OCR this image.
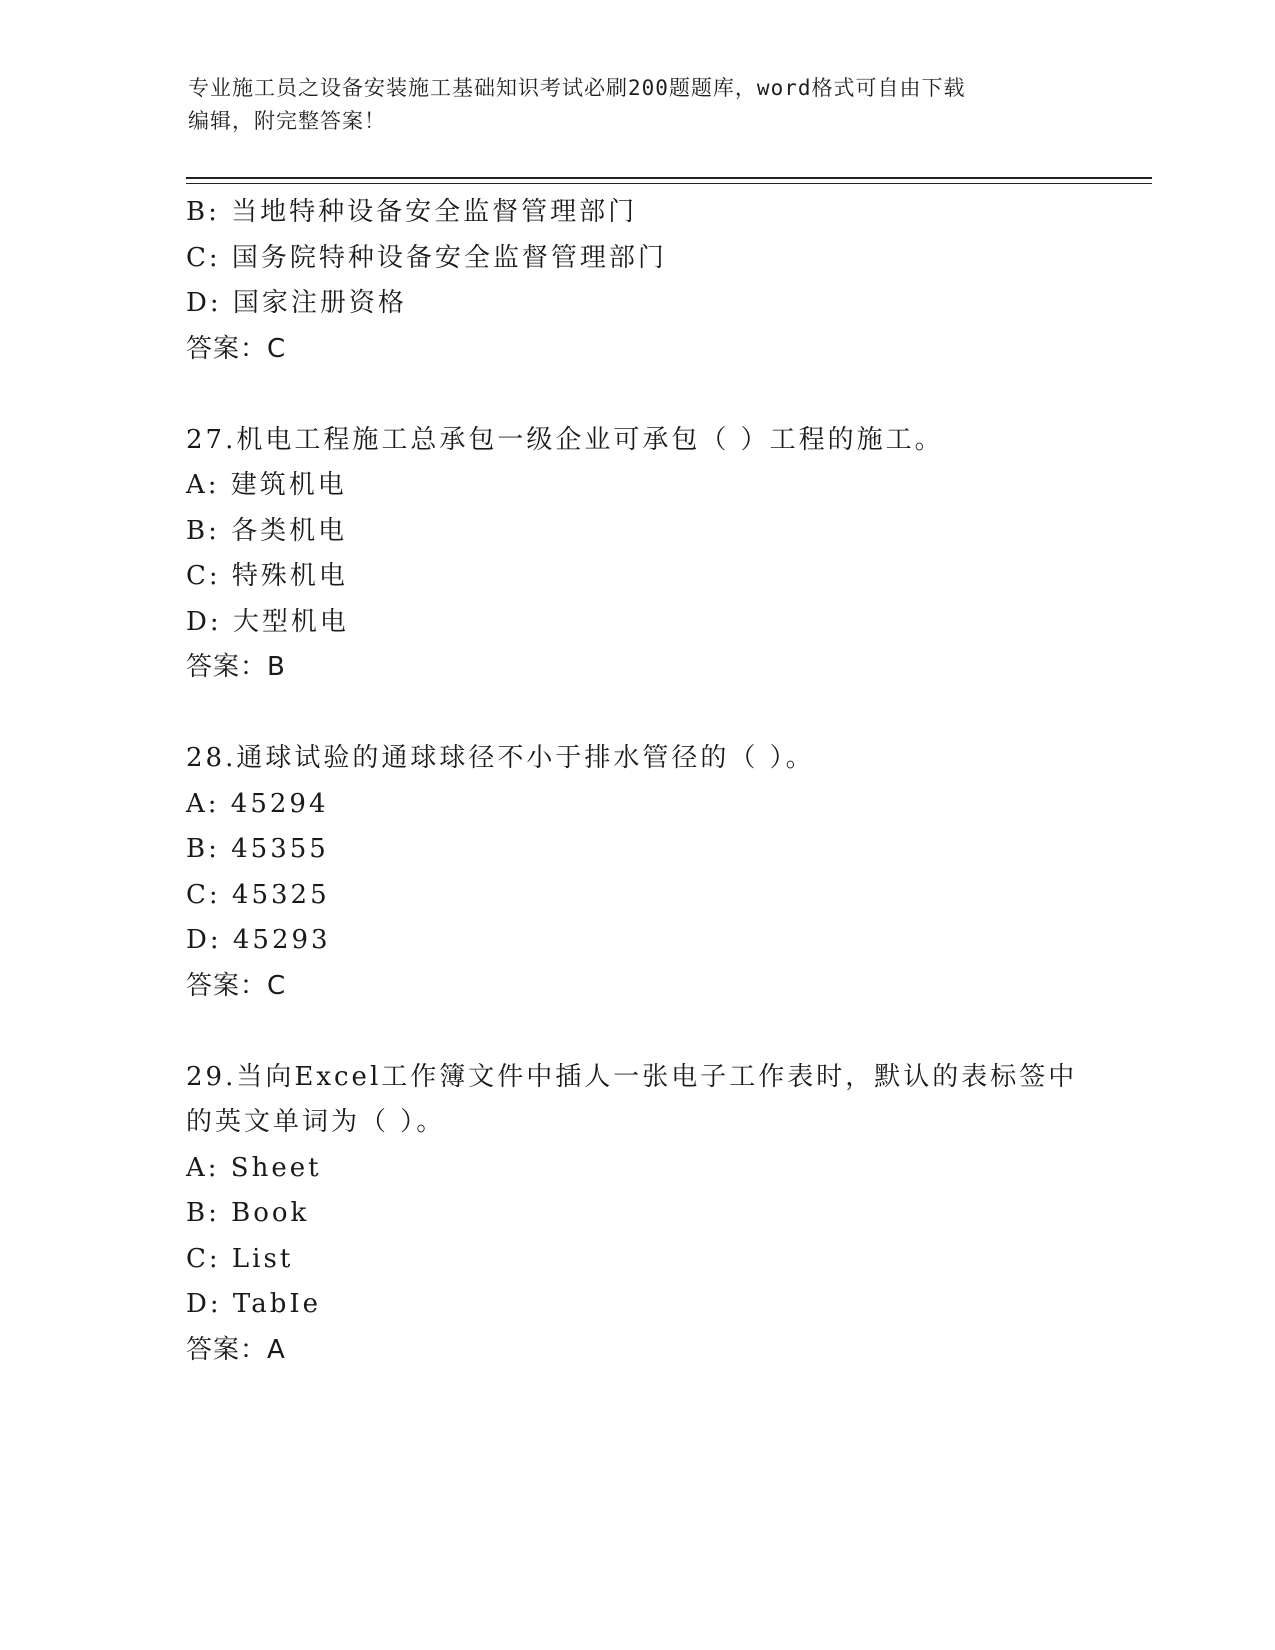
专业施工员之设备安装施工基础知识考试必刷200题题库，word格式可自由下载
编辑，附完整答案！
B: 当地特种设备安全监督管理部门
C: 国务院特种设备安全监督管理部门
D: 国家注册资格
答案：C
27.机电工程施工总承包一级企业可承包（ ）工程的施工。
A: 建筑机电
B: 各类机电
C: 特殊机电
D: 大型机电
答案：B
28.通球试验的通球球径不小于排水管径的（ ）。
A: 45294
B: 45355
C: 45325
D: 45293
答案：C
29.当向Excel工作簿文件中插人一张电子工作表时，默认的表标签中
的英文单词为（ ）。
A: Sheet
B: Book
C: List
D: TabIe
答案：A
